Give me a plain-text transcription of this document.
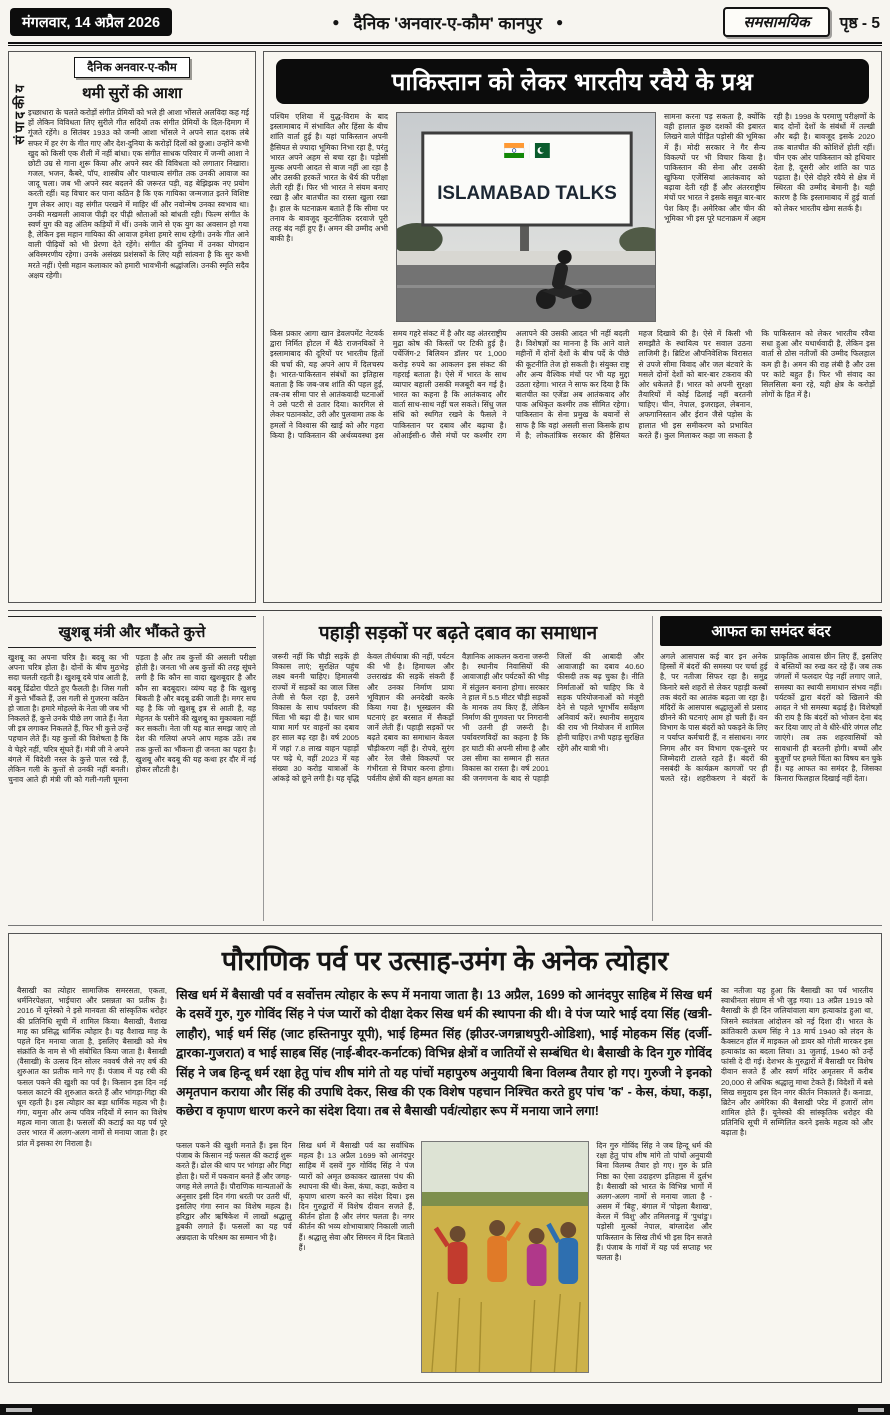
मंगलवार, 14 अप्रैल 2026	● दैनिक 'अनवार-ए-कौम' कानपुर ●	समसामयिक	पृष्ठ - 5
दैनिक अनवार-ए-कौम
संपादकीय	थमी सुरों की आशा
इच्छाधारा के चलते करोड़ों संगीत प्रेमियों को भले ही आशा भोंसले अलविदा कह गई हों लेकिन विविधता लिए सुरीले गीत सदियों तक संगीत प्रेमियों के दिल-दिमाग में गूंजते रहेंगे। 8 सितंबर 1933 को जन्मी आशा भोंसले ने अपने सात दशक लंबे सफर में हर रंग के गीत गाए और देश-दुनिया के करोड़ों दिलों को छुआ। उन्होंने कभी खुद को किसी एक शैली में नहीं बांधा। एक संगीत साधक परिवार में जन्मी आशा ने छोटी उम्र से गाना शुरू किया और अपने स्वर की विविधता को लगातार निखारा। गजल, भजन, कैबरे, पॉप, शास्त्रीय और पाश्चात्य संगीत तक उनकी आवाज का जादू चला। जब भी अपने स्वर बदलने की जरूरत पड़ी, वह बेझिझक नए प्रयोग करती रहीं। यह विचार कर पाना कठिन है कि एक गायिका जन्मजात इतने विशिष्ट गुण लेकर आए। वह संगीत परखने में माहिर थीं और नवोन्मेष उनका स्वभाव था। उनकी मखमली आवाज पीढ़ी दर पीढ़ी श्रोताओं को बांधती रही। फिल्म संगीत के स्वर्ण युग की वह अंतिम कड़ियों में थीं। उनके जाने से एक युग का अवसान हो गया है, लेकिन इस महान गायिका की आवाज हमेशा हमारे साथ रहेगी। उनके गीत आने वाली पीढ़ियों को भी प्रेरणा देते रहेंगे। संगीत की दुनिया में उनका योगदान अविस्मरणीय रहेगा। उनके असंख्य प्रशंसकों के लिए यही सांत्वना है कि सुर कभी मरते नहीं। ऐसी महान कलाकार को हमारी भावभीनी श्रद्धांजलि। उनकी स्मृति सदैव अक्षय रहेगी।
पाकिस्तान को लेकर भारतीय रवैये के प्रश्न
पश्चिम एशिया में युद्ध-विराम के बाद इस्लामाबाद में संभावित और हिंसा के बीच शांति वार्ता हुई है। यहां पाकिस्तान अपनी हैसियत से ज्यादा भूमिका निभा रहा है, परंतु भारत अपने अहम से बचा रहा है। पड़ोसी मुल्क अपनी आदत से बाज नहीं आ रहा है और उसकी हरकतें भारत के धैर्य की परीक्षा लेती रही हैं। फिर भी भारत ने संयम बनाए रखा है और बातचीत का रास्ता खुला रखा है। हाल के घटनाक्रम बताते हैं कि सीमा पर तनाव के बावजूद कूटनीतिक दरवाजे पूरी तरह बंद नहीं हुए हैं। अमन की उम्मीद अभी बाकी है।
ISLAMABAD TALKS
सामना करना पड़ सकता है, क्योंकि वही हालात कुछ दशकों की इबारत लिखने वाले पीड़ित पड़ोसी की भूमिका में हैं। मोदी सरकार ने गैर सैन्य विकल्पों पर भी विचार किया है। पाकिस्तान की सेना और उसकी खुफिया एजेंसियां आतंकवाद को बढ़ावा देती रही हैं और अंतरराष्ट्रीय मंचों पर भारत ने इसके सबूत बार-बार पेश किए हैं। अमेरिका और चीन की भूमिका भी इस पूरे घटनाक्रम में अहम रही है। 1998 के परमाणु परीक्षणों के बाद दोनों देशों के संबंधों में तल्खी और बढ़ी है। बावजूद इसके 2020 तक बातचीत की कोशिशें होती रहीं। चीन एक ओर पाकिस्तान को हथियार देता है, दूसरी ओर शांति का पाठ पढ़ाता है। ऐसे दोहरे रवैये से क्षेत्र में स्थिरता की उम्मीद बेमानी है। यही कारण है कि इस्लामाबाद में हुई वार्ता को लेकर भारतीय खेमा सतर्क है।
किस प्रकार आगा खान डेवलपमेंट नेटवर्क द्वारा निर्मित होटल में बैठे राजनयिकों ने इस्लामाबाद की दूरियों पर भारतीय हितों की चर्चा की, यह अपने आप में दिलचस्प है। भारत-पाकिस्तान संबंधों का इतिहास बताता है कि जब-जब शांति की पहल हुई, तब-तब सीमा पार से आतंकवादी घटनाओं ने उसे पटरी से उतार दिया। कारगिल से लेकर पठानकोट, उरी और पुलवामा तक के हमलों ने विश्वास की खाई को और गहरा किया है। पाकिस्तान की अर्थव्यवस्था इस समय गहरे संकट में है और वह अंतरराष्ट्रीय मुद्रा कोष की किस्तों पर टिकी हुई है। पर्चेजिंग-2 बिलियन डॉलर पर 1,000 करोड़ रुपये का आकलन इस संकट की गहराई बताता है। ऐसे में भारत के साथ व्यापार बहाली उसकी मजबूरी बन गई है। भारत का कहना है कि आतंकवाद और वार्ता साथ-साथ नहीं चल सकते। सिंधु जल संधि को स्थगित रखने के फैसले ने पाकिस्तान पर दबाव और बढ़ाया है। ओआईसी-6 जैसे मंचों पर कश्मीर राग अलापने की उसकी आदत भी नहीं बदली है। विशेषज्ञों का मानना है कि आने वाले महीनों में दोनों देशों के बीच पर्दे के पीछे की कूटनीति तेज हो सकती है। संयुक्त राष्ट्र और अन्य वैश्विक मंचों पर भी यह मुद्दा उठता रहेगा। भारत ने साफ कर दिया है कि बातचीत का एजेंडा अब आतंकवाद और पाक अधिकृत कश्मीर तक सीमित रहेगा। पाकिस्तान के सेना प्रमुख के बयानों से साफ है कि वहां असली सत्ता किसके हाथ में है; लोकतांत्रिक सरकार की हैसियत महज दिखावे की है। ऐसे में किसी भी समझौते के स्थायित्व पर सवाल उठना लाजिमी है। ब्रिटिश औपनिवेशिक विरासत से उपजे सीमा विवाद और जल बंटवारे के मसले दोनों देशों को बार-बार टकराव की ओर धकेलते हैं। भारत को अपनी सुरक्षा तैयारियों में कोई ढिलाई नहीं बरतनी चाहिए। चीन, नेपाल, इजराइल, लेबनान, अफगानिस्तान और ईरान जैसे पड़ोस के हालात भी इस समीकरण को प्रभावित करते हैं। कुल मिलाकर कहा जा सकता है कि पाकिस्तान को लेकर भारतीय रवैया सधा हुआ और यथार्थवादी है, लेकिन इस वार्ता से ठोस नतीजों की उम्मीद फिलहाल कम ही है। अमन की राह लंबी है और उस पर कांटे बहुत हैं। फिर भी संवाद का सिलसिला बना रहे, यही क्षेत्र के करोड़ों लोगों के हित में है।
खुशबू मंत्री और भौंकते कुत्ते
खुशबू का अपना चरित्र है। बदबू का भी अपना चरित्र होता है। दोनों के बीच मुठभेड़ सदा चलती रहती है। खुशबू दबे पांव आती है, बदबू ढिंढोरा पीटते हुए फैलती है। जिस गली में कुत्ते भौंकते हैं, उस गली से गुजरना कठिन हो जाता है। हमारे मोहल्ले के नेता जी जब भी निकलते हैं, कुत्ते उनके पीछे लग जाते हैं। नेता जी इत्र लगाकर निकलते हैं, फिर भी कुत्ते उन्हें पहचान लेते हैं। यह कुत्तों की विशेषता है कि वे चेहरे नहीं, चरित्र सूंघते हैं। मंत्री जी ने अपने बंगले में विदेशी नस्ल के कुत्ते पाल रखे हैं, लेकिन गली के कुत्तों से उनकी नहीं बनती। चुनाव आते ही मंत्री जी को गली-गली घूमना पड़ता है और तब कुत्तों की असली परीक्षा होती है। जनता भी अब कुत्तों की तरह सूंघने लगी है कि कौन सा वादा खुशबूदार है और कौन सा बदबूदार। व्यंग्य यह है कि खुशबू बिकती है और बदबू ढकी जाती है। मगर सच यह है कि जो खुशबू इत्र से आती है, वह मेहनत के पसीने की खुशबू का मुकाबला नहीं कर सकती। नेता जी यह बात समझ जाएं तो देश की गलियां अपने आप महक उठें। तब तक कुत्तों का भौंकना ही जनता का पहरा है। खुशबू और बदबू की यह कथा हर दौर में नई होकर लौटती है।
पहाड़ी सड़कों पर बढ़ते दबाव का समाधान
जरूरी नहीं कि चौड़ी सड़कें ही विकास लाएं; सुरक्षित पहुंच लक्ष्य बननी चाहिए। हिमालयी राज्यों में सड़कों का जाल जिस तेजी से फैल रहा है, उसने विकास के साथ पर्यावरण की चिंता भी बढ़ा दी है। चार धाम यात्रा मार्ग पर वाहनों का दबाव हर साल बढ़ रहा है। वर्ष 2005 में जहां 7.8 लाख वाहन पहाड़ों पर चढ़े थे, वहीं 2023 में यह संख्या 30 करोड़ यात्राओं के आंकड़े को छूने लगी है। यह वृद्धि केवल तीर्थयात्रा की नहीं, पर्यटन की भी है। हिमाचल और उत्तराखंड की सड़कें संकरी हैं और उनका निर्माण प्रायः भूविज्ञान की अनदेखी करके किया गया है। भूस्खलन की घटनाएं हर बरसात में सैकड़ों जानें लेती हैं। पहाड़ी सड़कों पर बढ़ते दबाव का समाधान केवल चौड़ीकरण नहीं है। रोपवे, सुरंग और रेल जैसे विकल्पों पर गंभीरता से विचार करना होगा। पर्वतीय क्षेत्रों की वहन क्षमता का वैज्ञानिक आकलन कराना जरूरी है। स्थानीय निवासियों की आवाजाही और पर्यटकों की भीड़ में संतुलन बनाना होगा। सरकार ने हाल में 5.5 मीटर चौड़ी सड़कों के मानक तय किए हैं, लेकिन निर्माण की गुणवत्ता पर निगरानी भी उतनी ही जरूरी है। पर्यावरणविदों का कहना है कि हर घाटी की अपनी सीमा है और उस सीमा का सम्मान ही सतत विकास का रास्ता है। वर्ष 2001 की जनगणना के बाद से पहाड़ी जिलों की आबादी और आवाजाही का दबाव 40.60 फीसदी तक बढ़ चुका है। नीति निर्माताओं को चाहिए कि वे सड़क परियोजनाओं को मंजूरी देने से पहले भूगर्भीय सर्वेक्षण अनिवार्य करें। स्थानीय समुदाय की राय भी नियोजन में शामिल होनी चाहिए। तभी पहाड़ सुरक्षित रहेंगे और यात्री भी।
आफत का समंदर बंदर
अगले आसपास कई बार इन अनेक हिस्सों में बंदरों की समस्या पर चर्चा हुई है, पर नतीजा सिफर रहा है। समुद्र किनारे बसे शहरों से लेकर पहाड़ी कस्बों तक बंदरों का आतंक बढ़ता जा रहा है। मंदिरों के आसपास श्रद्धालुओं से प्रसाद छीनने की घटनाएं आम हो चली हैं। वन विभाग के पास बंदरों को पकड़ने के लिए न पर्याप्त कर्मचारी हैं, न संसाधन। नगर निगम और वन विभाग एक-दूसरे पर जिम्मेदारी टालते रहते हैं। बंदरों की नसबंदी के कार्यक्रम कागजों पर ही चलते रहे। शहरीकरण ने बंदरों के प्राकृतिक आवास छीन लिए हैं, इसलिए वे बस्तियों का रुख कर रहे हैं। जब तक जंगलों में फलदार पेड़ नहीं लगाए जाते, समस्या का स्थायी समाधान संभव नहीं। पर्यटकों द्वारा बंदरों को खिलाने की आदत ने भी समस्या बढ़ाई है। विशेषज्ञों की राय है कि बंदरों को भोजन देना बंद कर दिया जाए तो वे धीरे-धीरे जंगल लौट जाएंगे। तब तक शहरवासियों को सावधानी ही बरतनी होगी। बच्चों और बुजुर्गों पर हमले चिंता का विषय बन चुके हैं। यह आफत का समंदर है, जिसका किनारा फिलहाल दिखाई नहीं देता।
पौराणिक पर्व पर उत्साह-उमंग के अनेक त्योहार
बैसाखी का त्योहार सामाजिक समरसता, एकता, धर्मनिरपेक्षता, भाईचारा और प्रसन्नता का प्रतीक है। 2016 में यूनेस्को ने इसे मानवता की सांस्कृतिक धरोहर की प्रतिनिधि सूची में शामिल किया। बैसाखी, वैशाख माह का प्रसिद्ध धार्मिक त्योहार है। यह वैशाख माह के पहले दिन मनाया जाता है, इसलिए बैसाखी को मेष संक्रांति के नाम से भी संबोधित किया जाता है। बैसाखी (वैसाखी) के उत्सव दिन सोलर नववर्ष जैसे नए वर्ष की शुरुआत का प्रतीक माने गए हैं। पंजाब में यह रबी की फसल पकने की खुशी का पर्व है। किसान इस दिन नई फसल काटने की शुरुआत करते हैं और भांगड़ा-गिद्दा की धूम रहती है। इस त्योहार का बड़ा धार्मिक महत्व भी है। गंगा, यमुना और अन्य पवित्र नदियों में स्नान का विशेष महत्व माना जाता है। फसलों की कटाई का यह पर्व पूरे उत्तर भारत में अलग-अलग नामों से मनाया जाता है। हर प्रांत में इसका रंग निराला है।

सिख धर्म में बैसाखी पर्व व सर्वोत्तम त्योहार के रूप में मनाया जाता है। 13 अप्रैल, 1699 को आनंदपुर साहिब में सिख धर्म के दसवें गुरु, गुरु गोविंद सिंह ने पंज प्यारों को दीक्षा देकर सिख धर्म की स्थापना की थी। वे पंज प्यारे भाई दया सिंह (खत्री-लाहौर), भाई धर्म सिंह (जाट हस्तिनापुर यूपी), भाई हिम्मत सिंह (झीउर-जगन्नाथपुरी-ओडिशा), भाई मोहकम सिंह (दर्जी-द्वारका-गुजरात) व भाई साहब सिंह (नाई-बीदर-कर्नाटक) विभिन्न क्षेत्रों व जातियों से सम्बंधित थे। बैसाखी के दिन गुरु गोविंद सिंह ने जब हिन्दू धर्म रक्षा हेतु पांच शीष मांगे तो यह पांचों महापुरुष अनुयायी बिना विलम्ब तैयार हो गए। गुरुजी ने इनको अमृतपान कराया और सिंह की उपाधि देकर, सिख की एक विशेष पहचान निश्चित करते हुए पांच 'क' - केस, कंघा, कड़ा, कछेरा व कृपाण धारण करने का संदेश दिया। तब से बैसाखी पर्व/त्योहार रूप में मनाया जाने लगा!

फसल पकने की खुशी मनाते हैं। इस दिन पंजाब के किसान नई फसल की कटाई शुरू करते हैं। ढोल की थाप पर भांगड़ा और गिद्दा होता है। घरों में पकवान बनते हैं और जगह-जगह मेले लगते हैं। पौराणिक मान्यताओं के अनुसार इसी दिन गंगा धरती पर उतरी थीं, इसलिए गंगा स्नान का विशेष महत्व है। हरिद्वार और ऋषिकेश में लाखों श्रद्धालु डुबकी लगाते हैं। फसलों का यह पर्व अन्नदाता के परिश्रम का सम्मान भी है।
सिख धर्म में बैसाखी पर्व का सर्वाधिक महत्व है। 13 अप्रैल 1699 को आनंदपुर साहिब में दसवें गुरु गोविंद सिंह ने पंज प्यारों को अमृत छकाकर खालसा पंथ की स्थापना की थी। केस, कंघा, कड़ा, कछेरा व कृपाण धारण करने का संदेश दिया। इस दिन गुरुद्वारों में विशेष दीवान सजते हैं, कीर्तन होता है और लंगर चलता है। नगर कीर्तन की भव्य शोभायात्राएं निकाली जाती हैं। श्रद्धालु सेवा और सिमरन में दिन बिताते हैं।
दिन गुरु गोविंद सिंह ने जब हिन्दू धर्म की रक्षा हेतु पांच शीष मांगे तो पांचों अनुयायी बिना विलम्ब तैयार हो गए। गुरु के प्रति निष्ठा का ऐसा उदाहरण इतिहास में दुर्लभ है। बैसाखी को भारत के विभिन्न भागों में अलग-अलग नामों से मनाया जाता है - असम में 'बिहू', बंगाल में 'पोइला बैशाख', केरल में 'विशु' और तमिलनाडु में 'पुथांडु'। पड़ोसी मुल्कों नेपाल, बांग्लादेश और पाकिस्तान के सिख तीर्थ भी इस दिन सजते हैं। पंजाब के गांवों में यह पर्व सप्ताह भर चलता है।
का नतीजा यह हुआ कि बैसाखी का पर्व भारतीय स्वाधीनता संग्राम से भी जुड़ गया। 13 अप्रैल 1919 को बैसाखी के ही दिन जलियांवाला बाग हत्याकांड हुआ था, जिसने स्वतंत्रता आंदोलन को नई दिशा दी। भारत के क्रांतिकारी ऊधम सिंह ने 13 मार्च 1940 को लंदन के कैक्सटन हॉल में माइकल ओ डायर को गोली मारकर इस हत्याकांड का बदला लिया। 31 जुलाई, 1940 को उन्हें फांसी दे दी गई। देशभर के गुरुद्वारों में बैसाखी पर विशेष दीवान सजते हैं और स्वर्ण मंदिर अमृतसर में करीब 20,000 से अधिक श्रद्धालु माथा टेकते हैं। विदेशों में बसे सिख समुदाय इस दिन नगर कीर्तन निकालते हैं। कनाडा, ब्रिटेन और अमेरिका की बैसाखी परेड में हजारों लोग शामिल होते हैं। यूनेस्को की सांस्कृतिक धरोहर की प्रतिनिधि सूची में सम्मिलित करने इसके महत्व को और बढ़ाता है।
